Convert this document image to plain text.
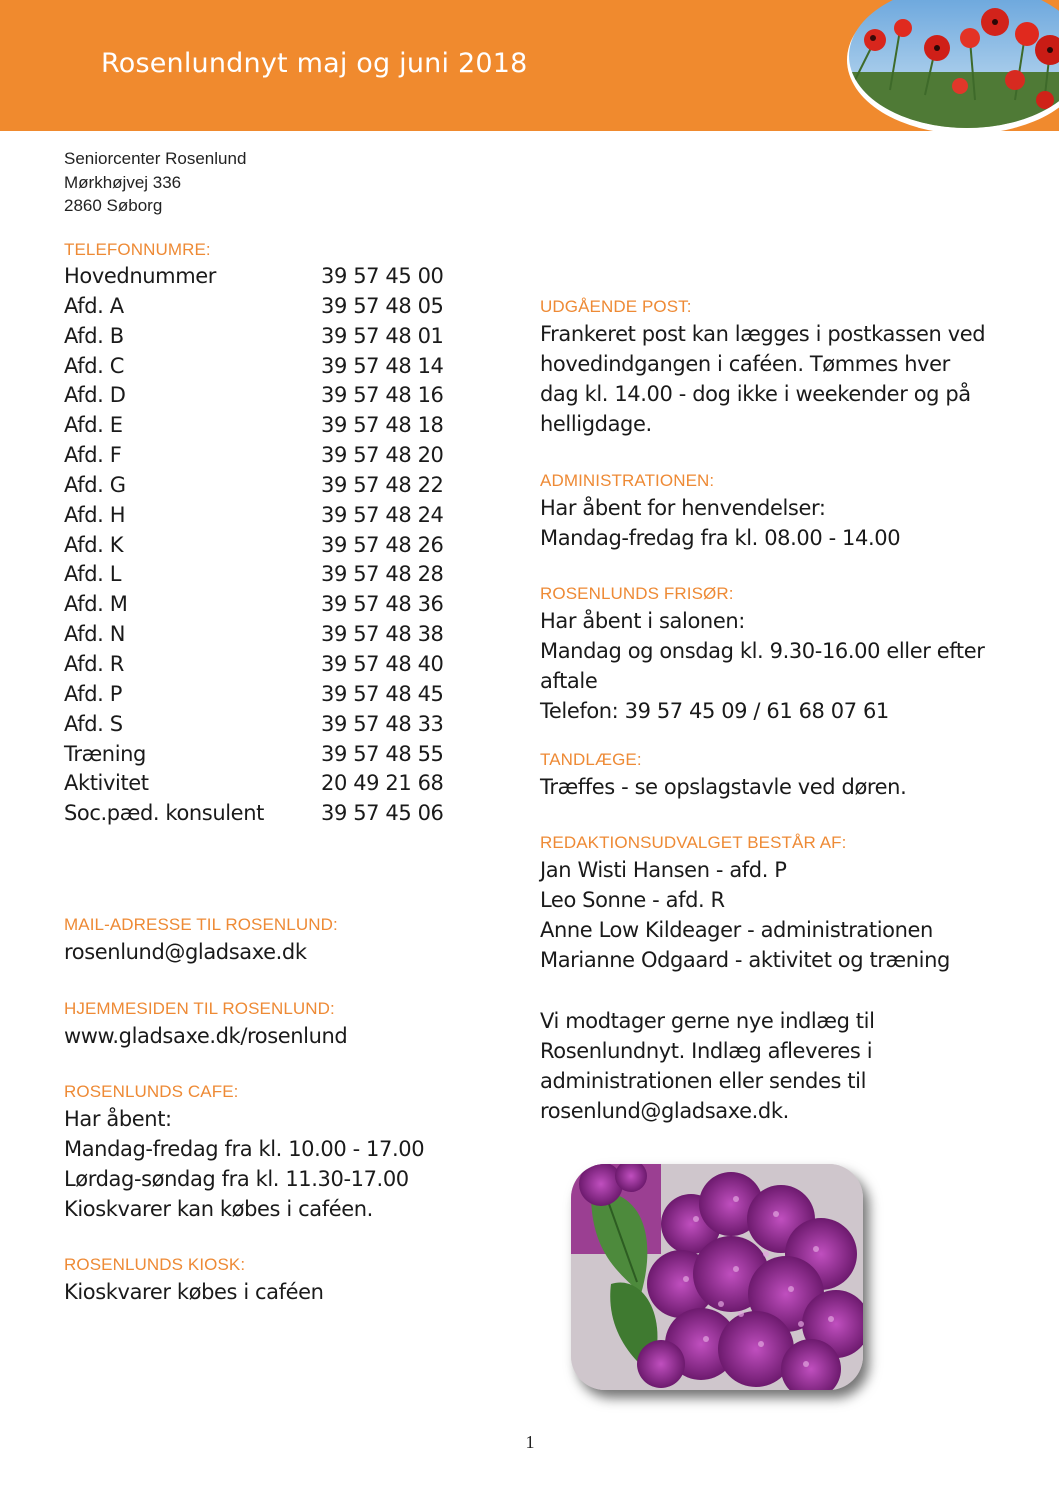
Rosenlundnyt maj og juni 2018
Seniorcenter Rosenlund
Mørkhøjvej 336
2860 Søborg
TELEFONNUMRE:
Hovednummer	39 57 45 00
Afd. A	39 57 48 05
Afd. B	39 57 48 01
Afd. C	39 57 48 14
Afd. D	39 57 48 16
Afd. E	39 57 48 18
Afd. F	39 57 48 20
Afd. G	39 57 48 22
Afd. H	39 57 48 24
Afd. K	39 57 48 26
Afd. L	39 57 48 28
Afd. M	39 57 48 36
Afd. N	39 57 48 38
Afd. R	39 57 48 40
Afd. P	39 57 48 45
Afd. S	39 57 48 33
Træning	39 57 48 55
Aktivitet	20 49 21 68
Soc.pæd. konsulent	39 57 45 06
MAIL-ADRESSE TIL ROSENLUND:
rosenlund@gladsaxe.dk
HJEMMESIDEN TIL ROSENLUND:
www.gladsaxe.dk/rosenlund
ROSENLUNDS CAFE:
Har åbent:
Mandag-fredag fra kl. 10.00 - 17.00
Lørdag-søndag fra kl. 11.30-17.00
Kioskvarer kan købes i caféen.
ROSENLUNDS KIOSK:
Kioskvarer købes i caféen
UDGÅENDE POST:
Frankeret post kan lægges i postkassen ved
hovedindgangen i caféen. Tømmes hver
dag kl. 14.00 - dog ikke i weekender og på
helligdage.
ADMINISTRATIONEN:
Har åbent for henvendelser:
Mandag-fredag fra kl. 08.00 - 14.00
ROSENLUNDS FRISØR:
Har åbent i salonen:
Mandag og onsdag kl. 9.30-16.00 eller efter
aftale
Telefon: 39 57 45 09 / 61 68 07 61
TANDLÆGE:
Træffes - se opslagstavle ved døren.
REDAKTIONSUDVALGET BESTÅR AF:
Jan Wisti Hansen - afd. P
Leo Sonne - afd. R
Anne Low Kildeager - administrationen
Marianne Odgaard - aktivitet og træning
Vi modtager gerne nye indlæg til
Rosenlundnyt. Indlæg afleveres i
administrationen eller sendes til
rosenlund@gladsaxe.dk.
1
